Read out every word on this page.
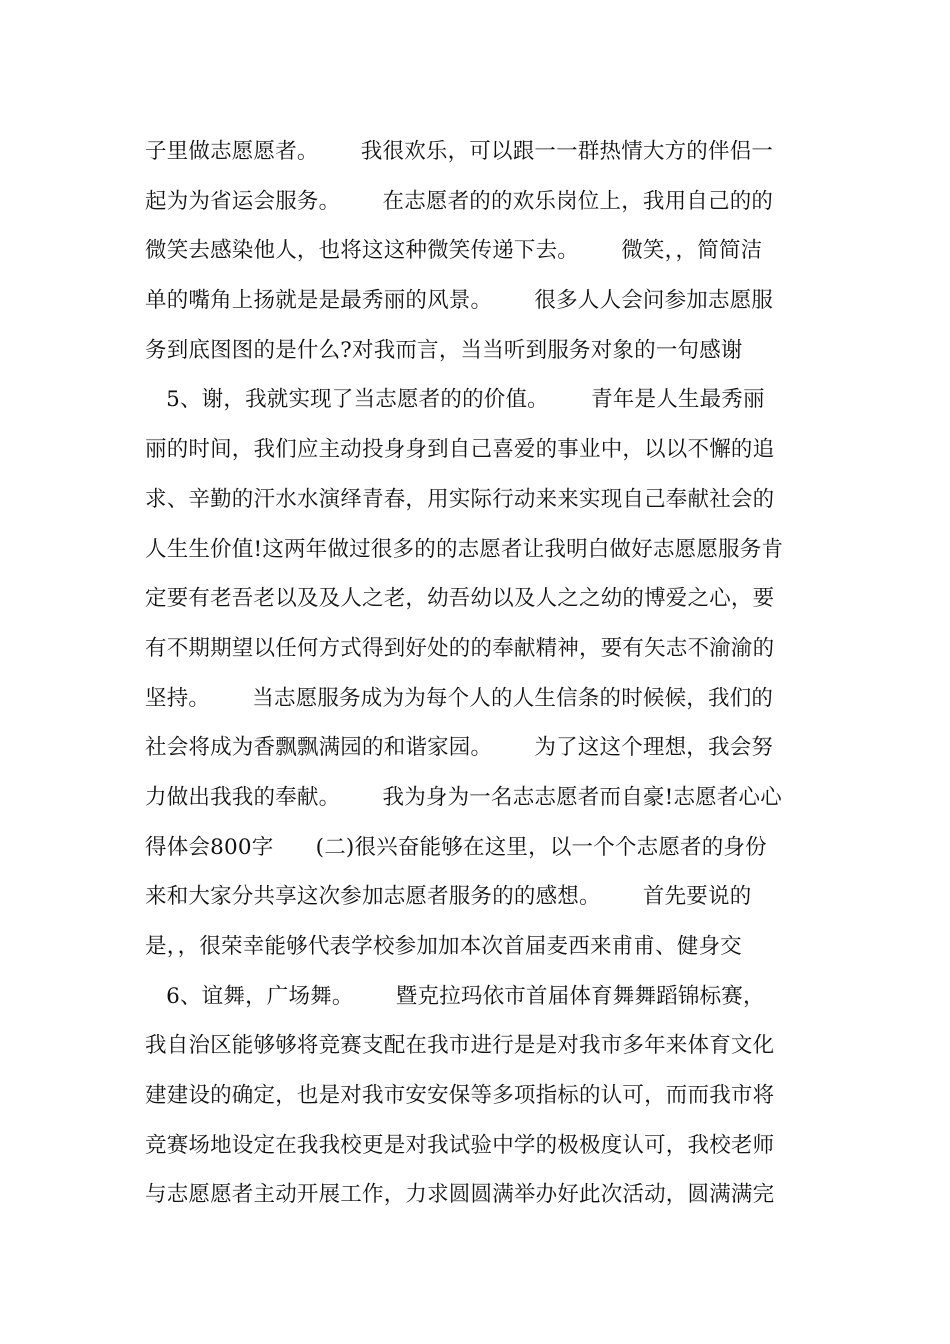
子里做志愿愿者。      我很欢乐，可以跟一一群热情大方的伴侣一
起为为省运会服务。      在志愿者的的欢乐岗位上，我用自己的的
微笑去感染他人，也将这这种微笑传递下去。      微笑，，简简洁
单的嘴角上扬就是是最秀丽的风景。      很多人人会问参加志愿服
务到底图图的是什么?对我而言，当当听到服务对象的一句感谢
5、谢，我就实现了当志愿者的的价值。      青年是人生最秀丽
丽的时间，我们应主动投身身到自己喜爱的事业中，以以不懈的追
求、辛勤的汗水水演绎青春，用实际行动来来实现自己奉献社会的
人生生价值!这两年做过很多的的志愿者让我明白做好志愿愿服务肯
定要有老吾老以及及人之老，幼吾幼以及人之之幼的博爱之心，要
有不期期望以任何方式得到好处的的奉献精神，要有矢志不渝渝的
坚持。      当志愿服务成为为每个人的人生信条的时候候，我们的
社会将成为香飘飘满园的和谐家园。      为了这这个理想，我会努
力做出我我的奉献。      我为身为一名志志愿者而自豪!志愿者心心
得体会800字      (二)很兴奋能够在这里，以一个个志愿者的身份
来和大家分共享这次参加志愿者服务的的感想。      首先要说的
是，，很荣幸能够代表学校参加加本次首届麦西来甫甫、健身交
6、谊舞，广场舞。      暨克拉玛依市首届体育舞舞蹈锦标赛，
我自治区能够够将竞赛支配在我市进行是是对我市多年来体育文化
建建设的确定，也是对我市安安保等多项指标的认可，而而我市将
竞赛场地设定在我我校更是对我试验中学的极极度认可，我校老师
与志愿愿者主动开展工作，力求圆圆满举办好此次活动，圆满满完
